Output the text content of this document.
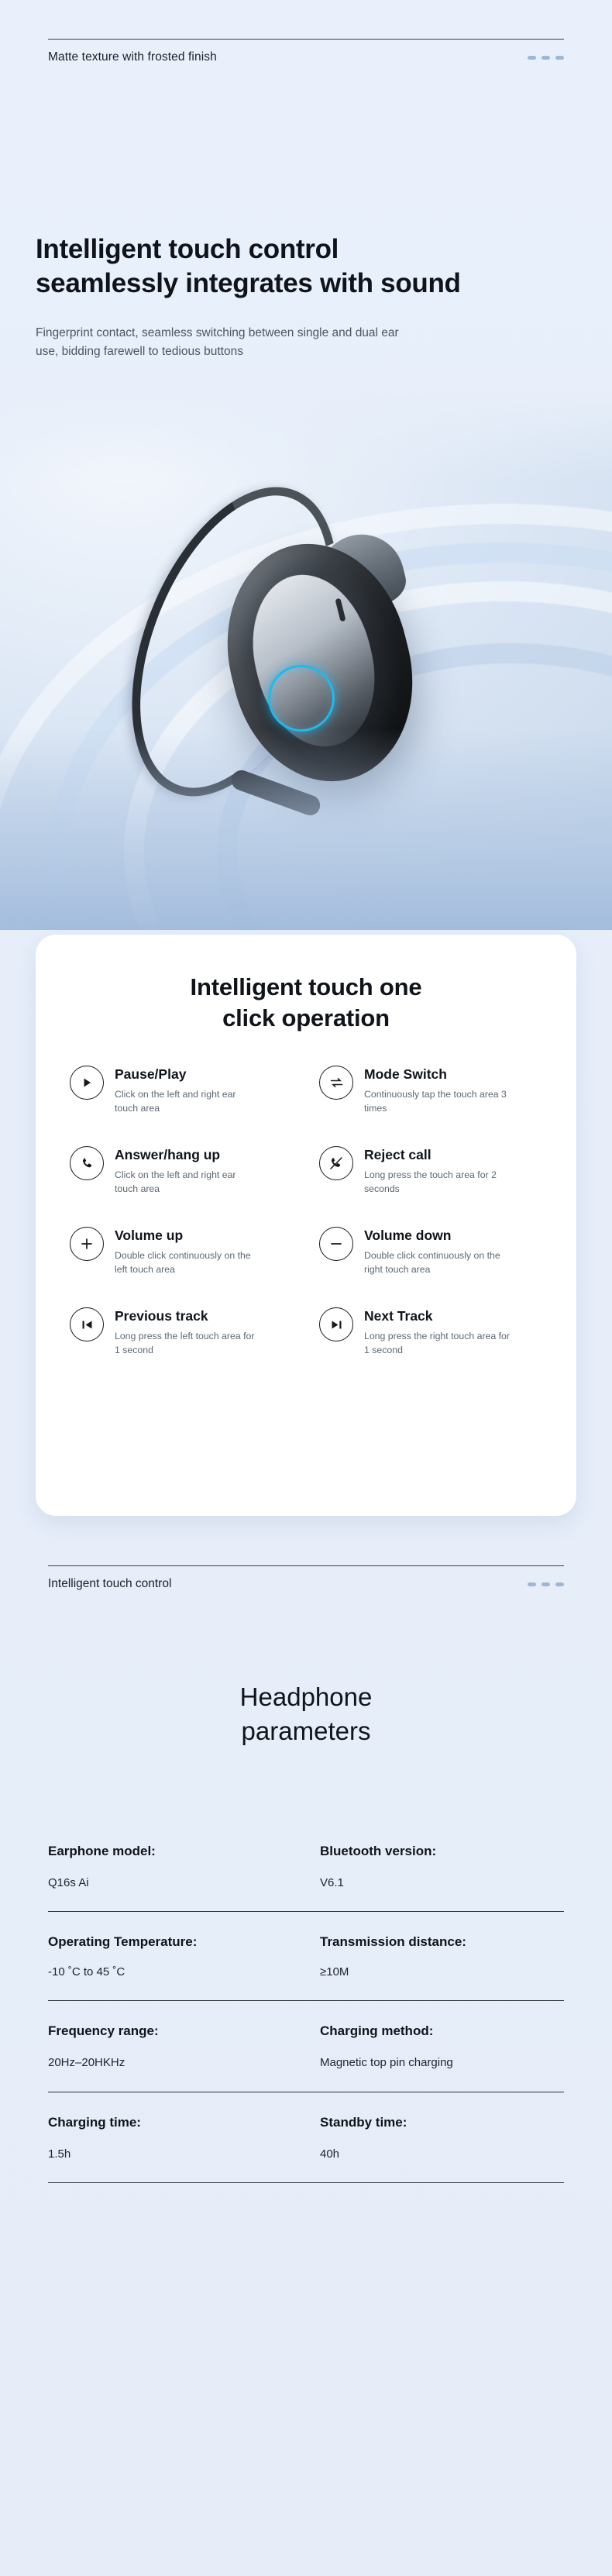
Matte texture with frosted finish
Intelligent touch control
seamlessly integrates with sound
Fingerprint contact, seamless switching between single and dual ear use, bidding farewell to tedious buttons
Intelligent touch one
click operation
Pause/Play
Click on the left and right ear touch area
Mode Switch
Continuously tap the touch area 3 times
Answer/hang up
Click on the left and right ear touch area
Reject call
Long press the touch area for 2 seconds
Volume up
Double click continuously on the left touch area
Volume down
Double click continuously on the right touch area
Previous track
Long press the left touch area for 1 second
Next Track
Long press the right touch area for 1 second
Intelligent touch control
Headphone
parameters
Earphone model:
Q16s Ai
Bluetooth version:
V6.1
Operating Temperature:
-10 ˚C to 45 ˚C
Transmission distance:
≥10M
Frequency range:
20Hz–20HKHz
Charging method:
Magnetic top pin charging
Charging time:
1.5h
Standby time:
40h
